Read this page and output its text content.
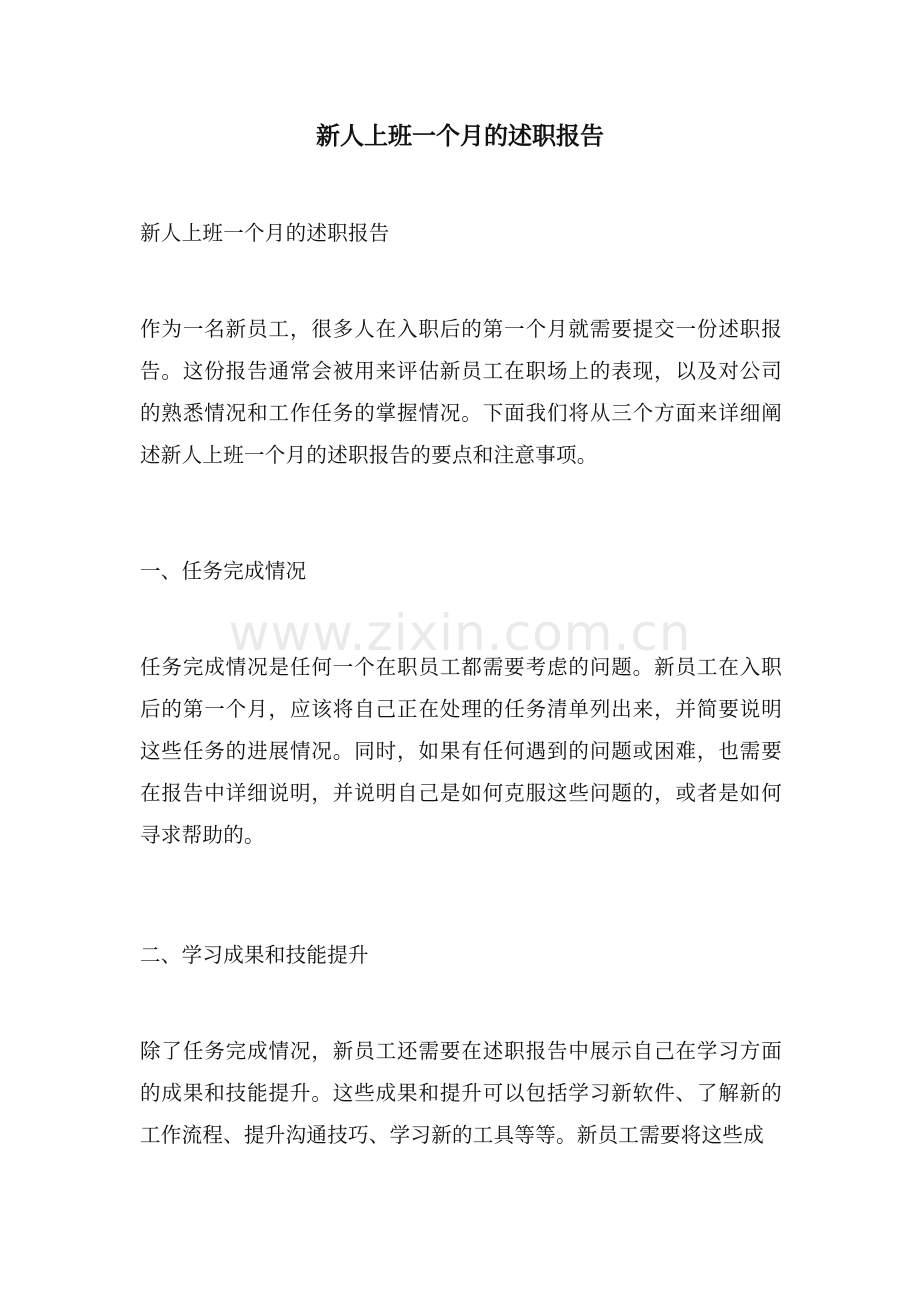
新人上班一个月的述职报告

新人上班一个月的述职报告

作为一名新员工，很多人在入职后的第一个月就需要提交一份述职报告。这份报告通常会被用来评估新员工在职场上的表现，以及对公司的熟悉情况和工作任务的掌握情况。下面我们将从三个方面来详细阐述新人上班一个月的述职报告的要点和注意事项。

一、任务完成情况

www.zixin.com.cn

任务完成情况是任何一个在职员工都需要考虑的问题。新员工在入职后的第一个月，应该将自己正在处理的任务清单列出来，并简要说明这些任务的进展情况。同时，如果有任何遇到的问题或困难，也需要在报告中详细说明，并说明自己是如何克服这些问题的，或者是如何寻求帮助的。

二、学习成果和技能提升

除了任务完成情况，新员工还需要在述职报告中展示自己在学习方面的成果和技能提升。这些成果和提升可以包括学习新软件、了解新的工作流程、提升沟通技巧、学习新的工具等等。新员工需要将这些成
